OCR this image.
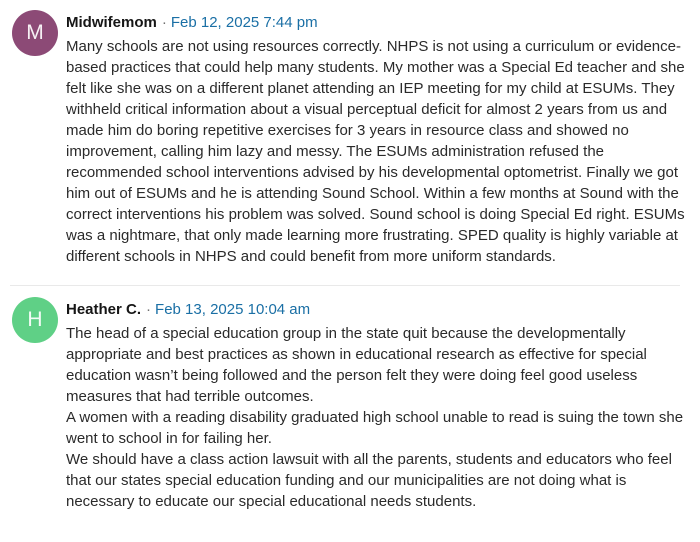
M Midwifemom · Feb 12, 2025 7:44 pm

Many schools are not using resources correctly. NHPS is not using a curriculum or evidence-based practices that could help many students. My mother was a Special Ed teacher and she felt like she was on a different planet attending an IEP meeting for my child at ESUMs. They withheld critical information about a visual perceptual deficit for almost 2 years from us and made him do boring repetitive exercises for 3 years in resource class and showed no improvement, calling him lazy and messy. The ESUMs administration refused the recommended school interventions advised by his developmental optometrist. Finally we got him out of ESUMs and he is attending Sound School. Within a few months at Sound with the correct interventions his problem was solved. Sound school is doing Special Ed right. ESUMs was a nightmare, that only made learning more frustrating. SPED quality is highly variable at different schools in NHPS and could benefit from more uniform standards.

H Heather C. · Feb 13, 2025 10:04 am

The head of a special education group in the state quit because the developmentally appropriate and best practices as shown in educational research as effective for special education wasn’t being followed and the person felt they were doing feel good useless measures that had terrible outcomes.

A women with a reading disability graduated high school unable to read is suing the town she went to school in for failing her.

We should have a class action lawsuit with all the parents, students and educators who feel that our states special education funding and our municipalities are not doing what is necessary to educate our special educational needs students.
